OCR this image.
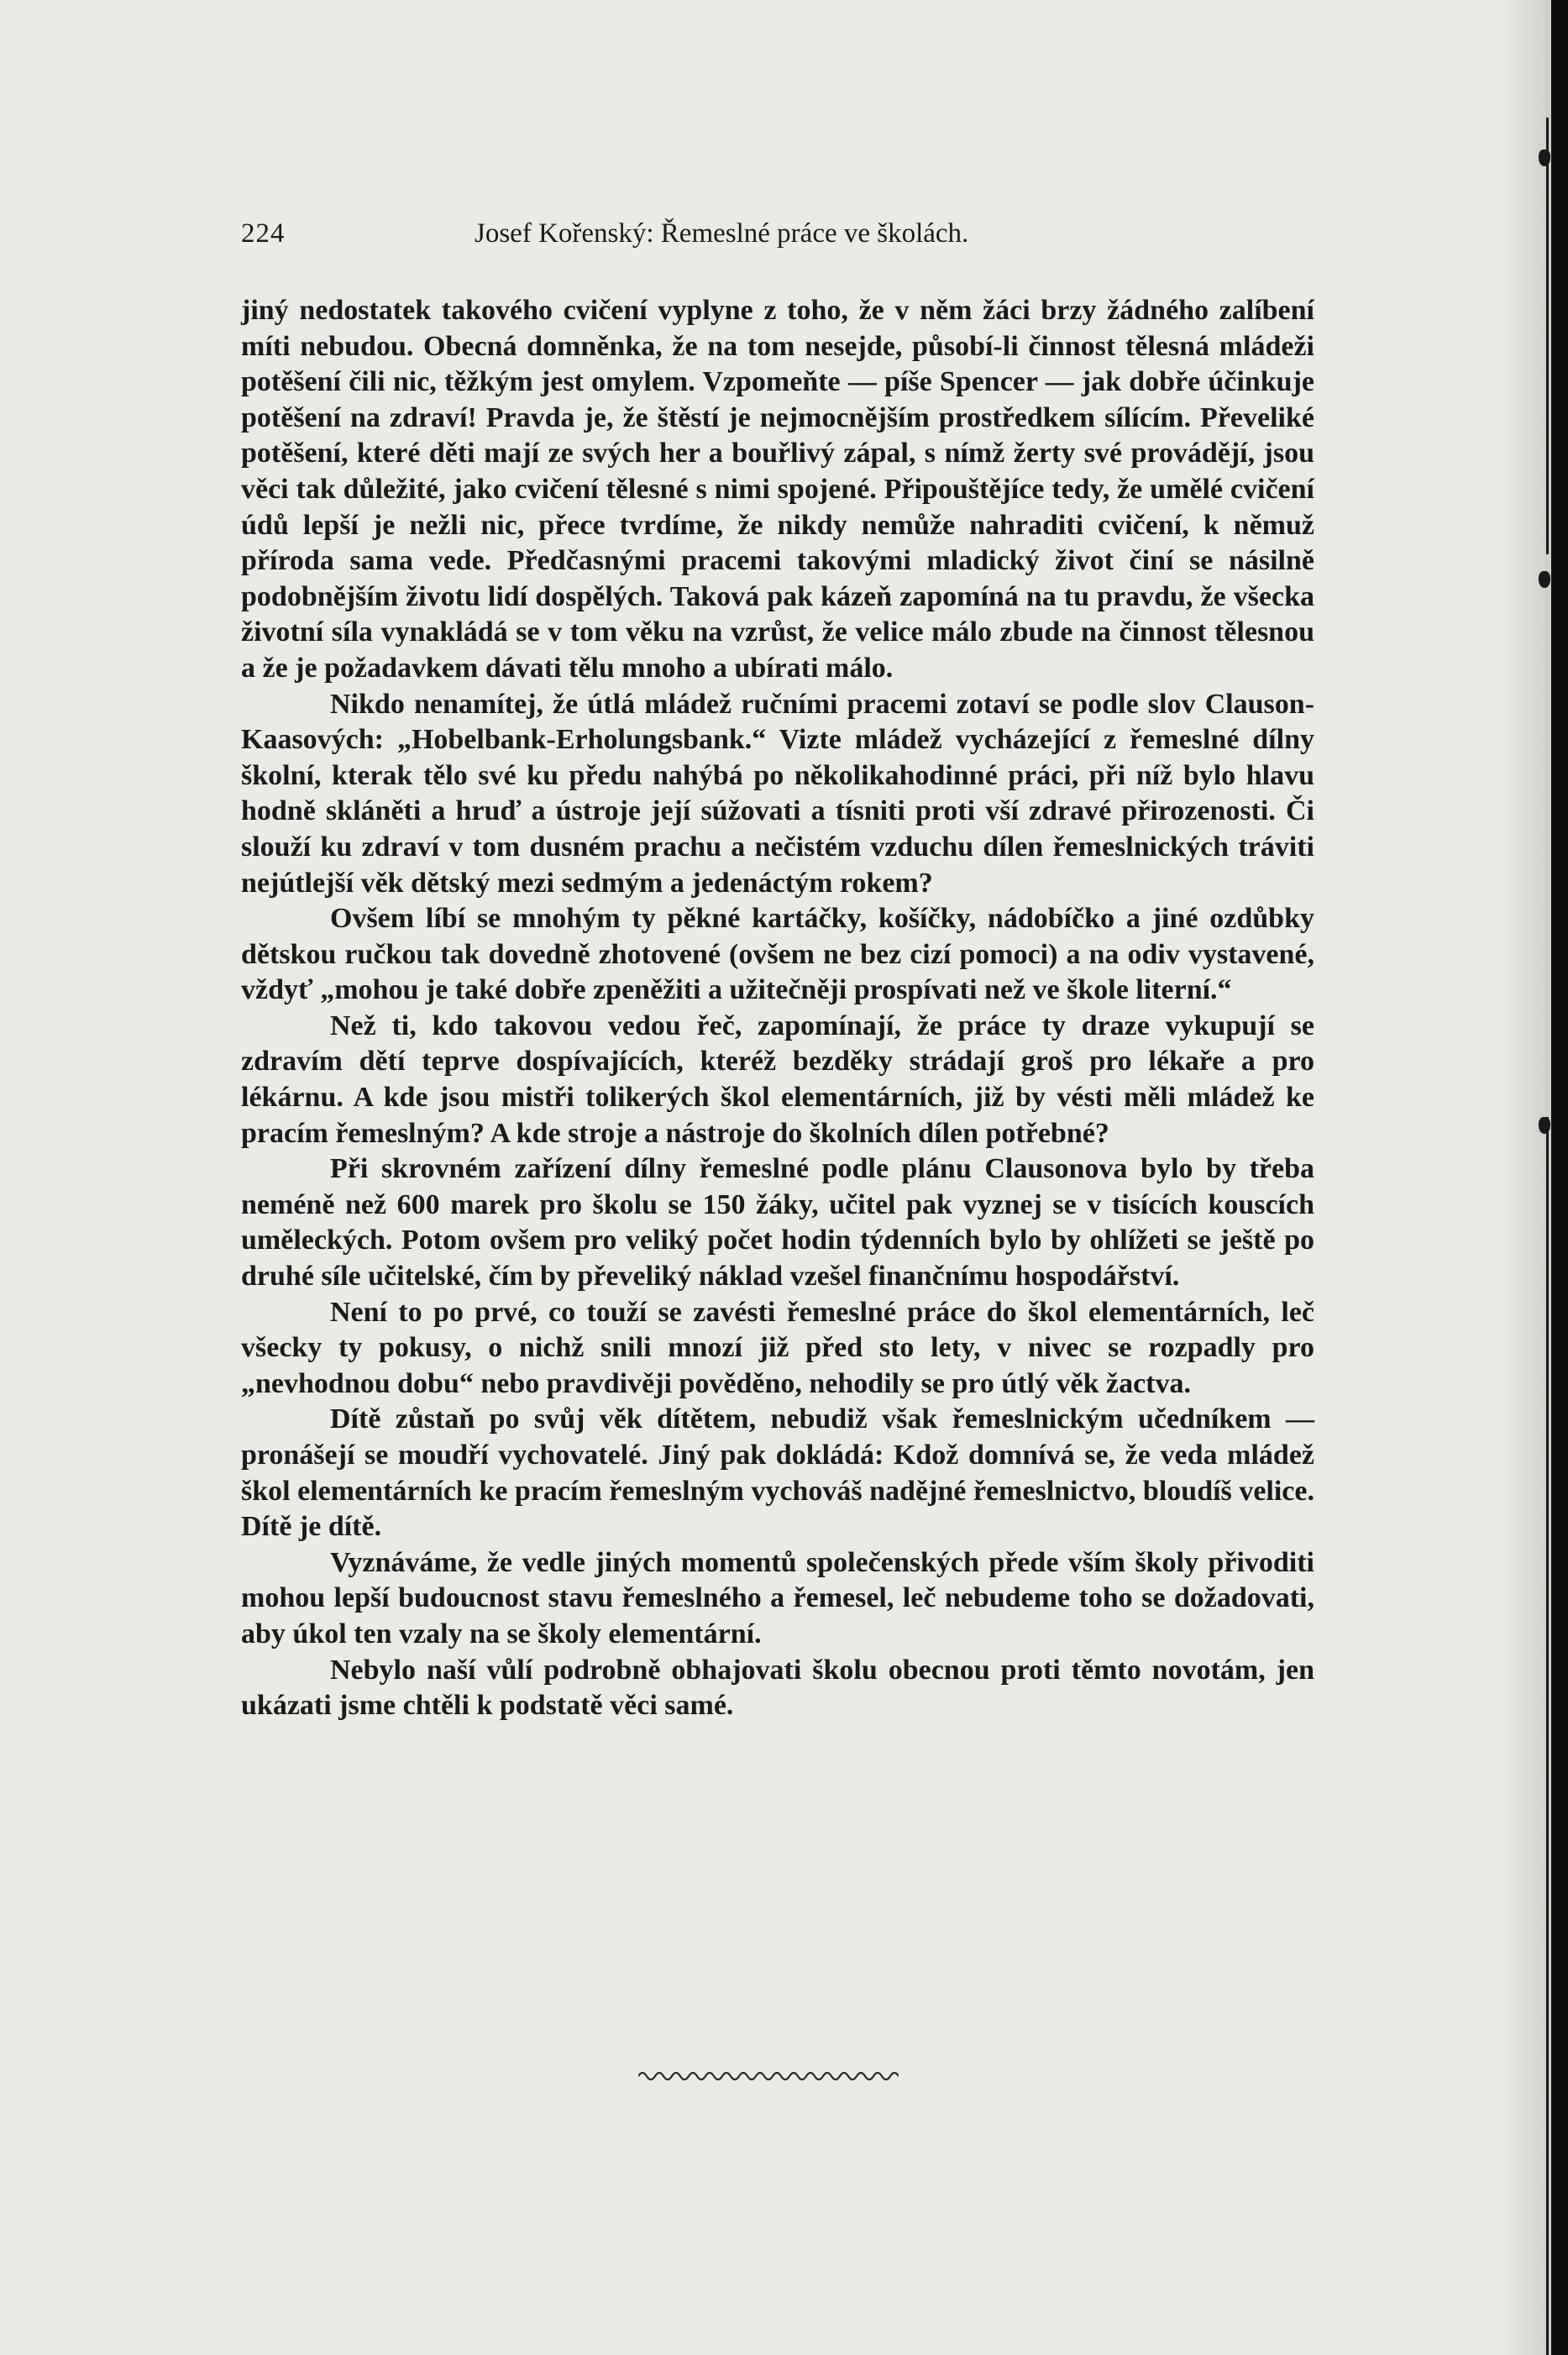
224	Josef Kořenský: Řemeslné práce ve školách.

jiný nedostatek takového cvičení vyplyne z toho, že v něm žáci brzy žádného zalíbení míti nebudou. Obecná domněnka, že na tom nesejde, působí-li činnost tělesná mládeži potěšení čili nic, těžkým jest omylem. Vzpomeňte — píše Spencer — jak dobře účinkuje potěšení na zdraví! Pravda je, že štěstí je nejmocnějším prostředkem sílícím. Převeliké potěšení, které děti mají ze svých her a bouřlivý zápal, s nímž žerty své provádějí, jsou věci tak důležité, jako cvičení tělesné s nimi spojené. Připouštějíce tedy, že umělé cvičení údů lepší je nežli nic, přece tvrdíme, že nikdy nemůže nahraditi cvičení, k němuž příroda sama vede. Předčasnými pracemi takovými mladický život činí se násilně podobnějším životu lidí dospělých. Taková pak kázeň zapomíná na tu pravdu, že všecka životní síla vynakládá se v tom věku na vzrůst, že velice málo zbude na činnost tělesnou a že je požadavkem dávati tělu mnoho a ubírati málo.

Nikdo nenamítej, že útlá mládež ručními pracemi zotaví se podle slov Clauson-Kaasových: „Hobelbank-Erholungsbank.“ Vizte mládež vycházející z řemeslné dílny školní, kterak tělo své ku předu nahýbá po několikahodinné práci, při níž bylo hlavu hodně skláněti a hruď a ústroje její súžovati a tísniti proti vší zdravé přirozenosti. Či slouží ku zdraví v tom dusném prachu a nečistém vzduchu dílen řemeslnických tráviti nejútlejší věk dětský mezi sedmým a jedenáctým rokem?

Ovšem líbí se mnohým ty pěkné kartáčky, košíčky, nádobíčko a jiné ozdůbky dětskou ručkou tak dovedně zhotovené (ovšem ne bez cizí pomoci) a na odiv vystavené, vždyť „mohou je také dobře zpeněžiti a užitečněji prospívati než ve škole literní.“

Než ti, kdo takovou vedou řeč, zapomínají, že práce ty draze vykupují se zdravím dětí teprve dospívajících, kteréž bezděky strádají groš pro lékaře a pro lékárnu. A kde jsou mistři tolikerých škol elementárních, již by vésti měli mládež ke pracím řemeslným? A kde stroje a nástroje do školních dílen potřebné?

Při skrovném zařízení dílny řemeslné podle plánu Clausonova bylo by třeba neméně než 600 marek pro školu se 150 žáky, učitel pak vyznej se v tisících kouscích uměleckých. Potom ovšem pro veliký počet hodin týdenních bylo by ohlížeti se ještě po druhé síle učitelské, čím by převeliký náklad vzešel finančnímu hospodářství.

Není to po prvé, co touží se zavésti řemeslné práce do škol elementárních, leč všecky ty pokusy, o nichž snili mnozí již před sto lety, v nivec se rozpadly pro „nevhodnou dobu“ nebo pravdivěji pověděno, nehodily se pro útlý věk žactva.

Dítě zůstaň po svůj věk dítětem, nebudiž však řemeslnickým učedníkem — pronášejí se moudří vychovatelé. Jiný pak dokládá: Kdož domnívá se, že veda mládež škol elementárních ke pracím řemeslným vychováš nadějné řemeslnictvo, bloudíš velice. Dítě je dítě.

Vyznáváme, že vedle jiných momentů společenských přede vším školy přivoditi mohou lepší budoucnost stavu řemeslného a řemesel, leč nebudeme toho se dožadovati, aby úkol ten vzaly na se školy elementární.

Nebylo naší vůlí podrobně obhajovati školu obecnou proti těmto novotám, jen ukázati jsme chtěli k podstatě věci samé.
